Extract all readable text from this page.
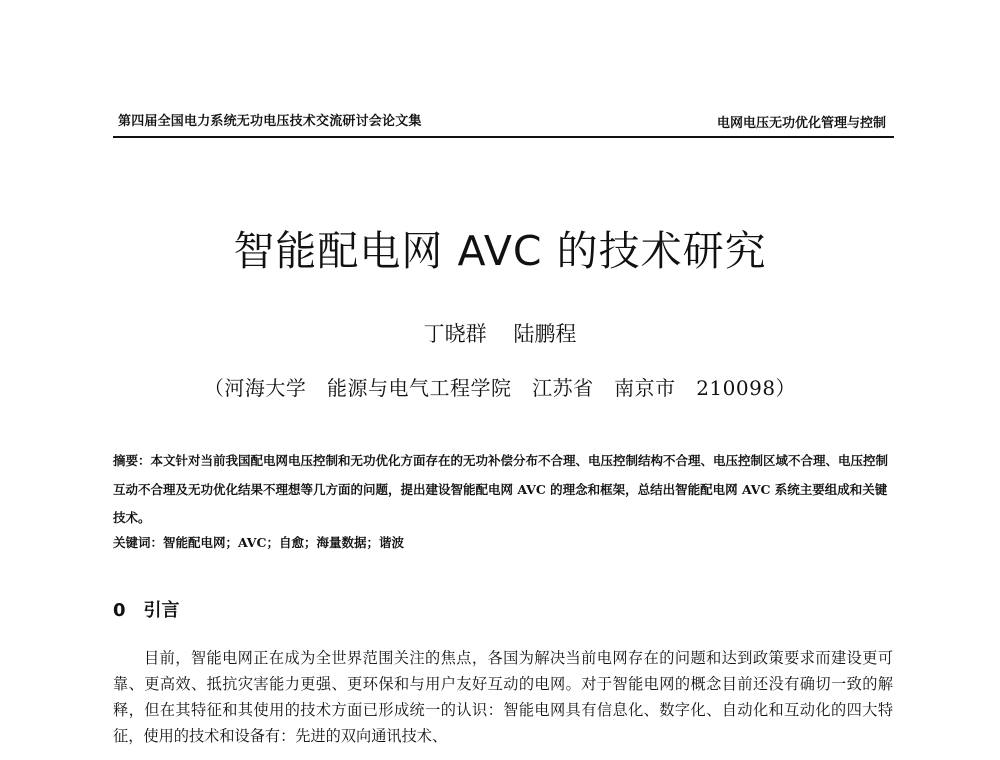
第四届全国电力系统无功电压技术交流研讨会论文集	电网电压无功优化管理与控制
智能配电网 AVC 的技术研究
丁晓群 陆鹏程
（河海大学   能源与电气工程学院   江苏省   南京市   210098）
摘要：本文针对当前我国配电网电压控制和无功优化方面存在的无功补偿分布不合理、电压控制结构不合理、电压控制区域不合理、电压控制互动不合理及无功优化结果不理想等几方面的问题，提出建设智能配电网 AVC 的理念和框架，总结出智能配电网 AVC 系统主要组成和关键技术。
关键词：智能配电网；AVC；自愈；海量数据；谐波
0 引言

目前，智能电网正在成为全世界范围关注的焦点，各国为解决当前电网存在的问题和达到政策要求而建设更可靠、更高效、抵抗灾害能力更强、更环保和与用户友好互动的电网。对于智能电网的概念目前还没有确切一致的解释，但在其特征和其使用的技术方面已形成统一的认识：智能电网具有信息化、数字化、自动化和互动化的四大特征，使用的技术和设备有：先进的双向通讯技术、
